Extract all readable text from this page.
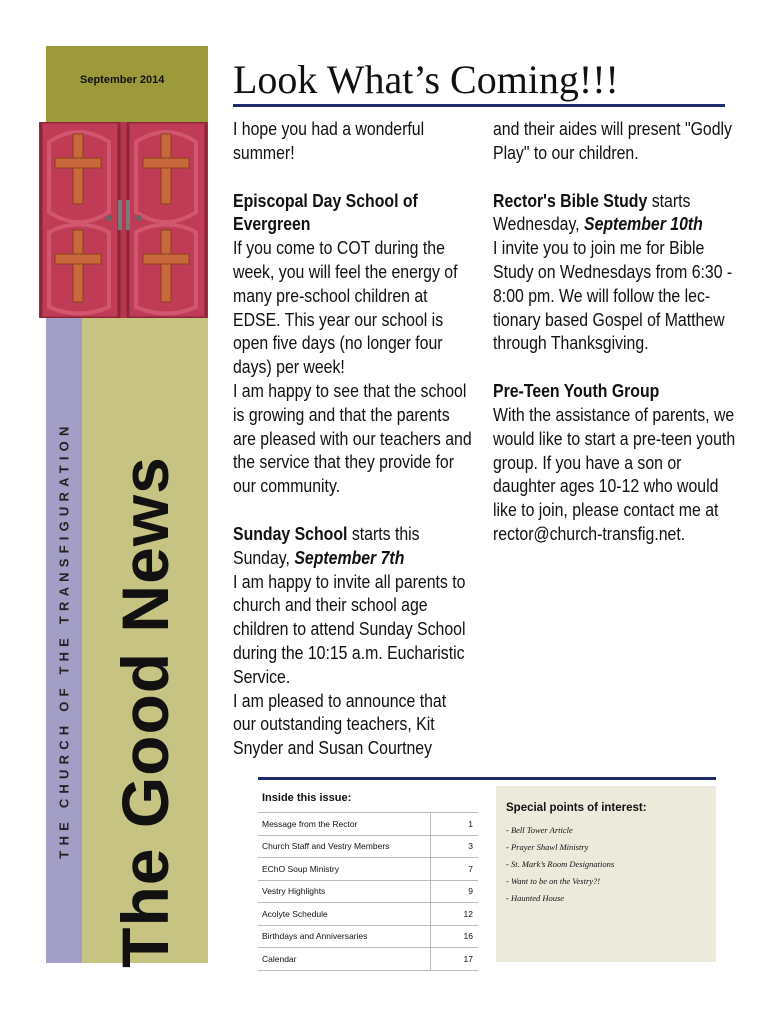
September 2014
THE CHURCH OF THE TRANSFIGURATION The Good News
Look What’s Coming!!!

I hope you had a wonderful summer!

Episcopal Day School of Evergreen

If you come to COT during the week, you will feel the energy of many pre-school children at EDSE. This year our school is open five days (no longer four days) per week!

I am happy to see that the school is growing and that the parents are pleased with our teachers and the service that they provide for our community.

Sunday School starts this Sunday, September 7th

I am happy to invite all parents to church and their school age children to attend Sunday School during the 10:15 a.m. Eucharistic Service.

I am pleased to announce that our outstanding teachers, Kit Snyder and Susan Courtney

and their aides will present "Godly Play" to our children.

Rector's Bible Study starts Wednesday, September 10th

I invite you to join me for Bible Study on Wednesdays from 6:30 - 8:00 pm. We will follow the lec-tionary based Gospel of Matthew through Thanksgiving.

Pre-Teen Youth Group

With the assistance of parents, we would like to start a pre-teen youth group. If you have a son or daughter ages 10-12 who would like to join, please contact me at rector@church-transfig.net.

Inside this issue:
Message from the Rector	1
Church Staff and Vestry Members	3
EChO Soup Ministry	7
Vestry Highlights	9
Acolyte Schedule	12
Birthdays and Anniversaries	16
Calendar	17
Special points of interest:
- Bell Tower Article
- Prayer Shawl Ministry
- St. Mark’s Room Designations
- Want to be on the Vestry?!
- Haunted House
